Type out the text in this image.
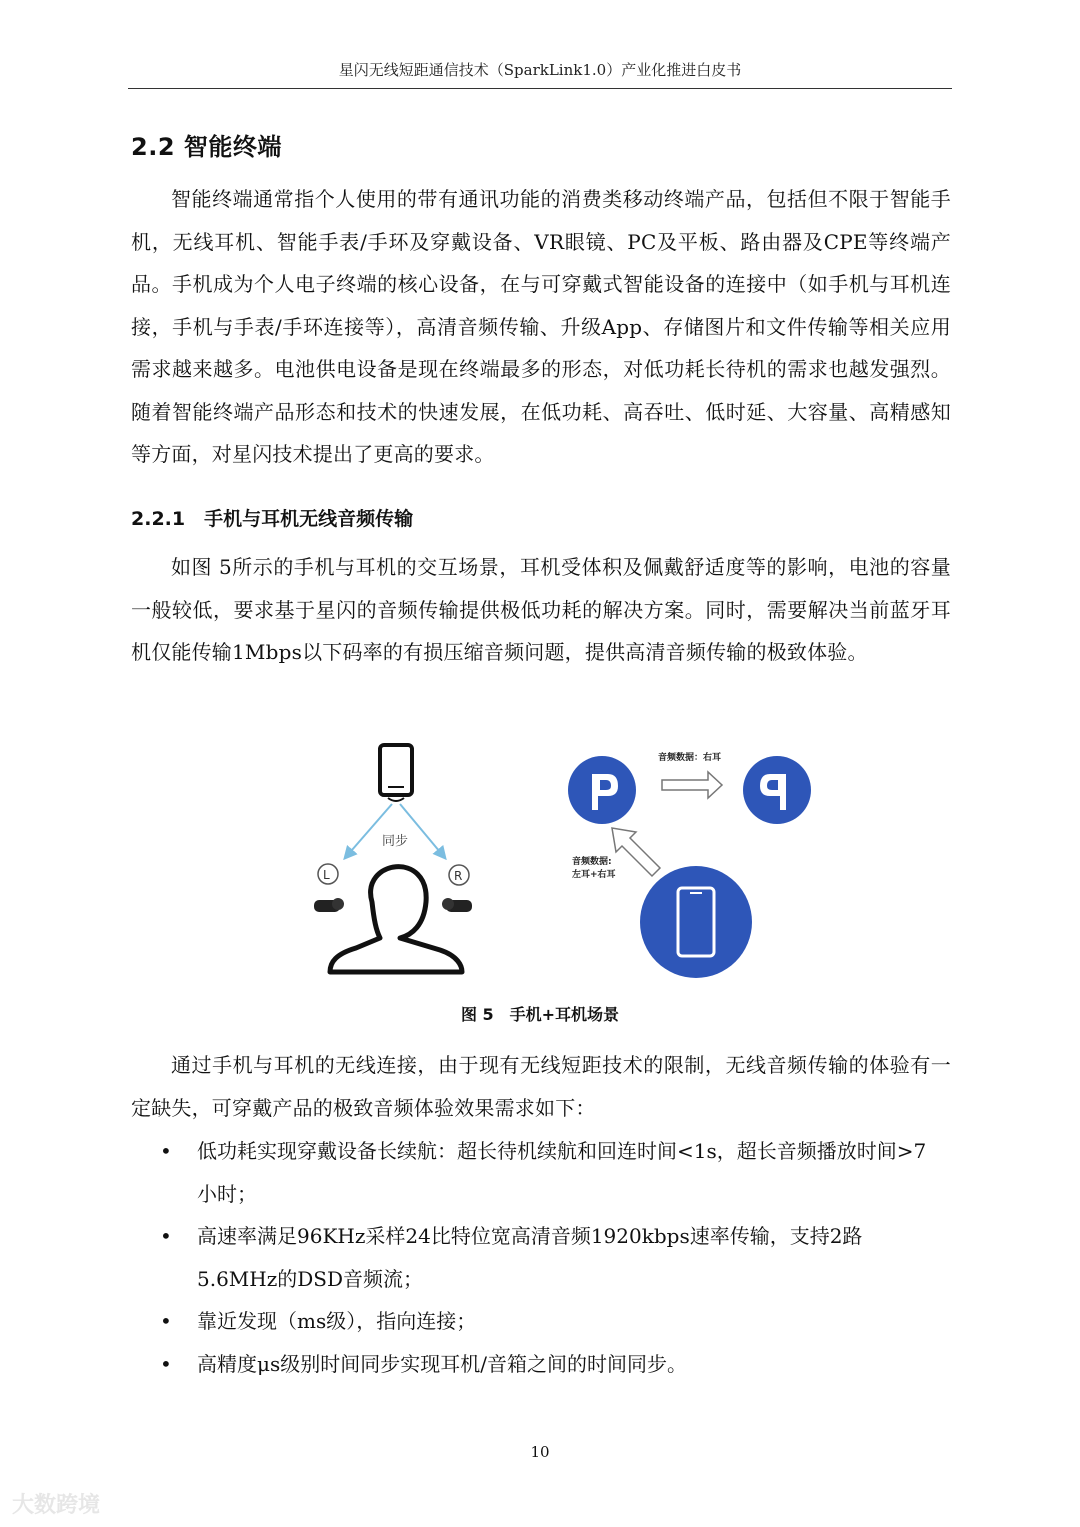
星闪无线短距通信技术（SparkLink1.0）产业化推进白皮书
2.2 智能终端

智能终端通常指个人使用的带有通讯功能的消费类移动终端产品，包括但不限于智能手机，无线耳机、智能手表/手环及穿戴设备、VR眼镜、PC及平板、路由器及CPE等终端产品。手机成为个人电子终端的核心设备，在与可穿戴式智能设备的连接中（如手机与耳机连接，手机与手表/手环连接等），高清音频传输、升级App、存储图片和文件传输等相关应用需求越来越多。电池供电设备是现在终端最多的形态，对低功耗长待机的需求也越发强烈。随着智能终端产品形态和技术的快速发展，在低功耗、高吞吐、低时延、大容量、高精感知等方面，对星闪技术提出了更高的要求。

2.2.1　手机与耳机无线音频传输

如图 5所示的手机与耳机的交互场景，耳机受体积及佩戴舒适度等的影响，电池的容量一般较低，要求基于星闪的音频传输提供极低功耗的解决方案。同时，需要解决当前蓝牙耳机仅能传输1Mbps以下码率的有损压缩音频问题，提供高清音频传输的极致体验。

同步
L	R
音频数据：右耳
音频数据:
左耳+右耳
图 5　手机+耳机场景

通过手机与耳机的无线连接，由于现有无线短距技术的限制，无线音频传输的体验有一定缺失，可穿戴产品的极致音频体验效果需求如下：

• 低功耗实现穿戴设备长续航：超长待机续航和回连时间<1s，超长音频播放时间>7小时；
• 高速率满足96KHz采样24比特位宽高清音频1920kbps速率传输，支持2路5.6MHz的DSD音频流；
• 靠近发现（ms级），指向连接；
• 高精度μs级别时间同步实现耳机/音箱之间的时间同步。
10
大数跨境
